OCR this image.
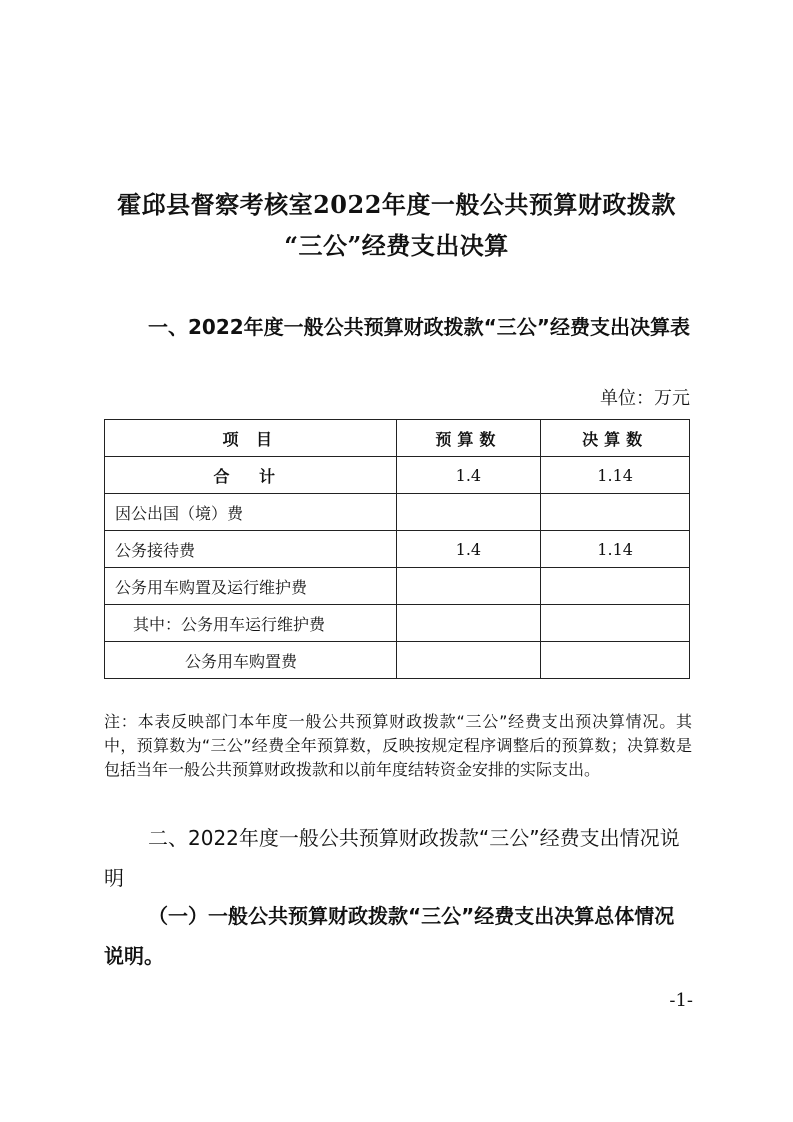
霍邱县督察考核室2022年度一般公共预算财政拨款
“三公”经费支出决算
一、2022年度一般公共预算财政拨款“三公”经费支出决算表
单位：万元
项 目	预算数	决算数
合 计	1.4	1.14
因公出国（境）费		
公务接待费	1.4	1.14
公务用车购置及运行维护费		
其中：公务用车运行维护费		
公务用车购置费		

注：本表反映部门本年度一般公共预算财政拨款“三公”经费支出预决算情况。其中，预算数为“三公”经费全年预算数，反映按规定程序调整后的预算数；决算数是包括当年一般公共预算财政拨款和以前年度结转资金安排的实际支出。

二、2022年度一般公共预算财政拨款“三公”经费支出情况说明

（一）一般公共预算财政拨款“三公”经费支出决算总体情况说明。

-1-
